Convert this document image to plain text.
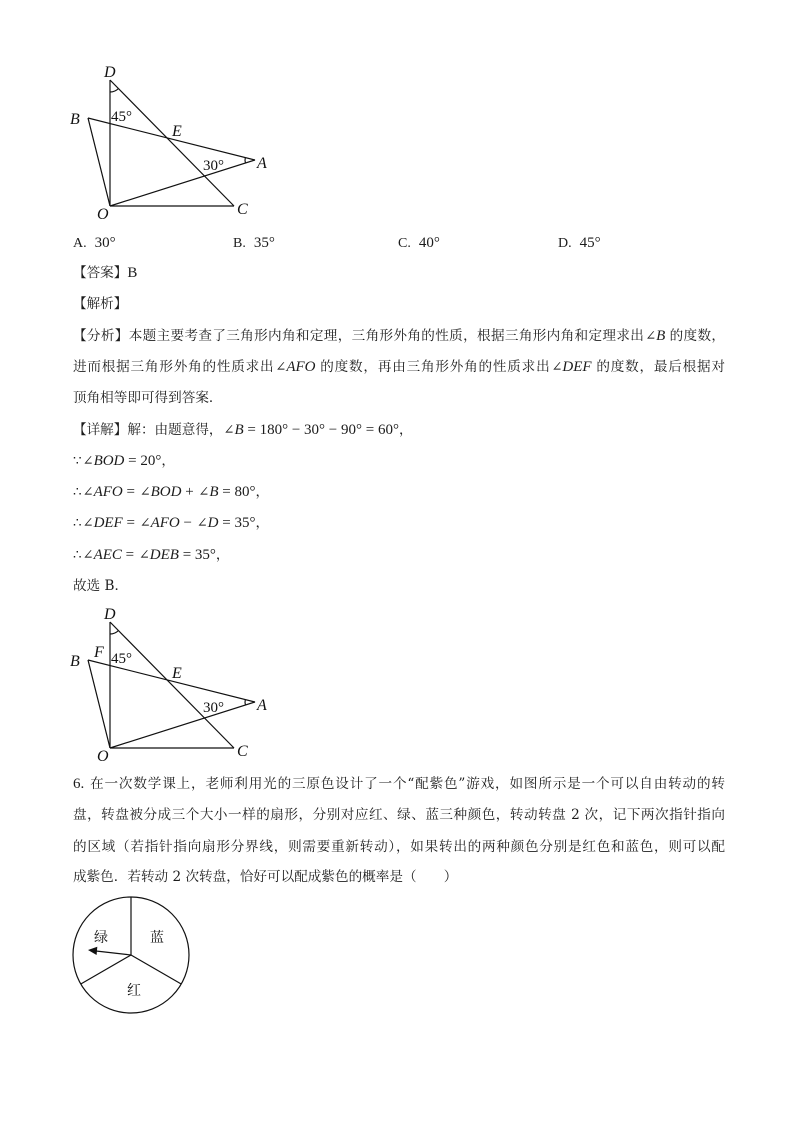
D
B 45°
E
30° A
O	C
A. 30°	B. 35°	C. 40°	D. 45°
【答案】B
【解析】
【分析】本题主要考查了三角形内角和定理，三角形外角的性质，根据三角形内角和定理求出∠B 的度数，
进而根据三角形外角的性质求出∠AFO 的度数，再由三角形外角的性质求出∠DEF 的度数，最后根据对
顶角相等即可得到答案．
【详解】解：由题意得，∠B = 180° − 30° − 90° = 60°，
∵∠BOD = 20°，
∴∠AFO = ∠BOD + ∠B = 80°，
∴∠DEF = ∠AFO − ∠D = 35°，
∴∠AEC = ∠DEB = 35°，
故选 B．
D
F
B 45°
E
30° A
O	C
6. 在一次数学课上，老师利用光的三原色设计了一个“配紫色”游戏，如图所示是一个可以自由转动的转
盘，转盘被分成三个大小一样的扇形，分别对应红、绿、蓝三种颜色，转动转盘 2 次，记下两次指针指向
的区域（若指针指向扇形分界线，则需要重新转动），如果转出的两种颜色分别是红色和蓝色，则可以配
成紫色．若转动 2 次转盘，恰好可以配成紫色的概率是（　　）
绿	蓝
红
